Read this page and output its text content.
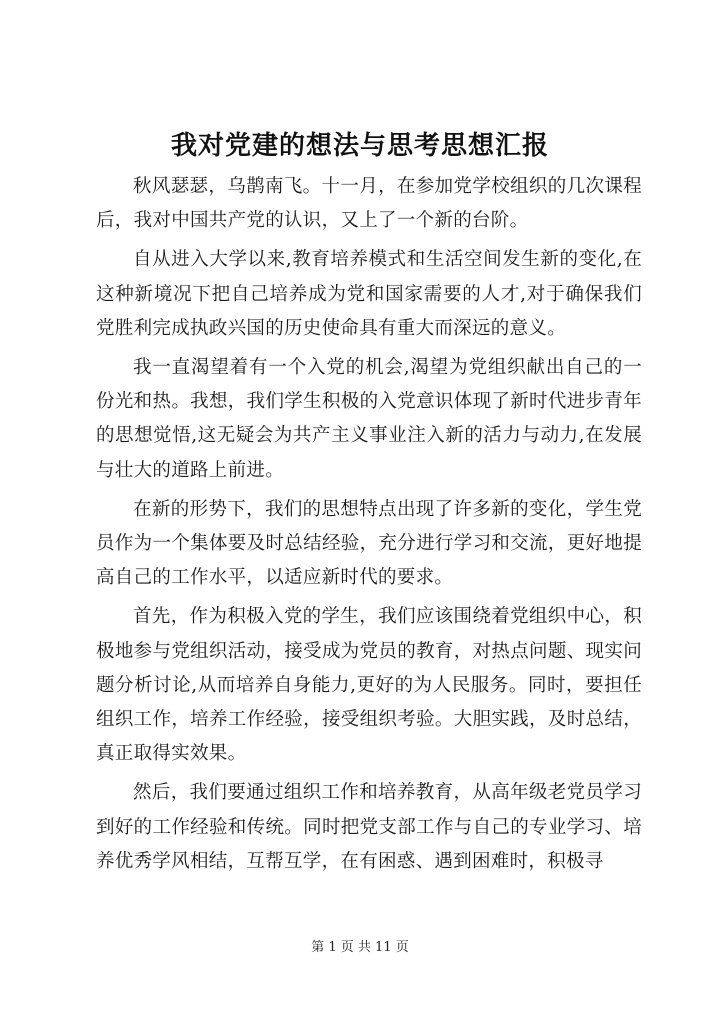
我对党建的想法与思考思想汇报

秋风瑟瑟，乌鹊南飞。十一月，在参加党学校组织的几次课程后，我对中国共产党的认识，又上了一个新的台阶。

自从进入大学以来,教育培养模式和生活空间发生新的变化,在这种新境况下把自己培养成为党和国家需要的人才,对于确保我们党胜利完成执政兴国的历史使命具有重大而深远的意义。

我一直渴望着有一个入党的机会,渴望为党组织献出自己的一份光和热。我想，我们学生积极的入党意识体现了新时代进步青年的思想觉悟,这无疑会为共产主义事业注入新的活力与动力,在发展与壮大的道路上前进。

在新的形势下，我们的思想特点出现了许多新的变化，学生党员作为一个集体要及时总结经验，充分进行学习和交流，更好地提高自己的工作水平，以适应新时代的要求。

首先，作为积极入党的学生，我们应该围绕着党组织中心，积极地参与党组织活动，接受成为党员的教育，对热点问题、现实问题分析讨论,从而培养自身能力,更好的为人民服务。同时，要担任组织工作，培养工作经验，接受组织考验。大胆实践，及时总结，真正取得实效果。

然后，我们要通过组织工作和培养教育，从高年级老党员学习到好的工作经验和传统。同时把党支部工作与自己的专业学习、培养优秀学风相结，互帮互学，在有困惑、遇到困难时，积极寻

第 1 页 共 11 页
